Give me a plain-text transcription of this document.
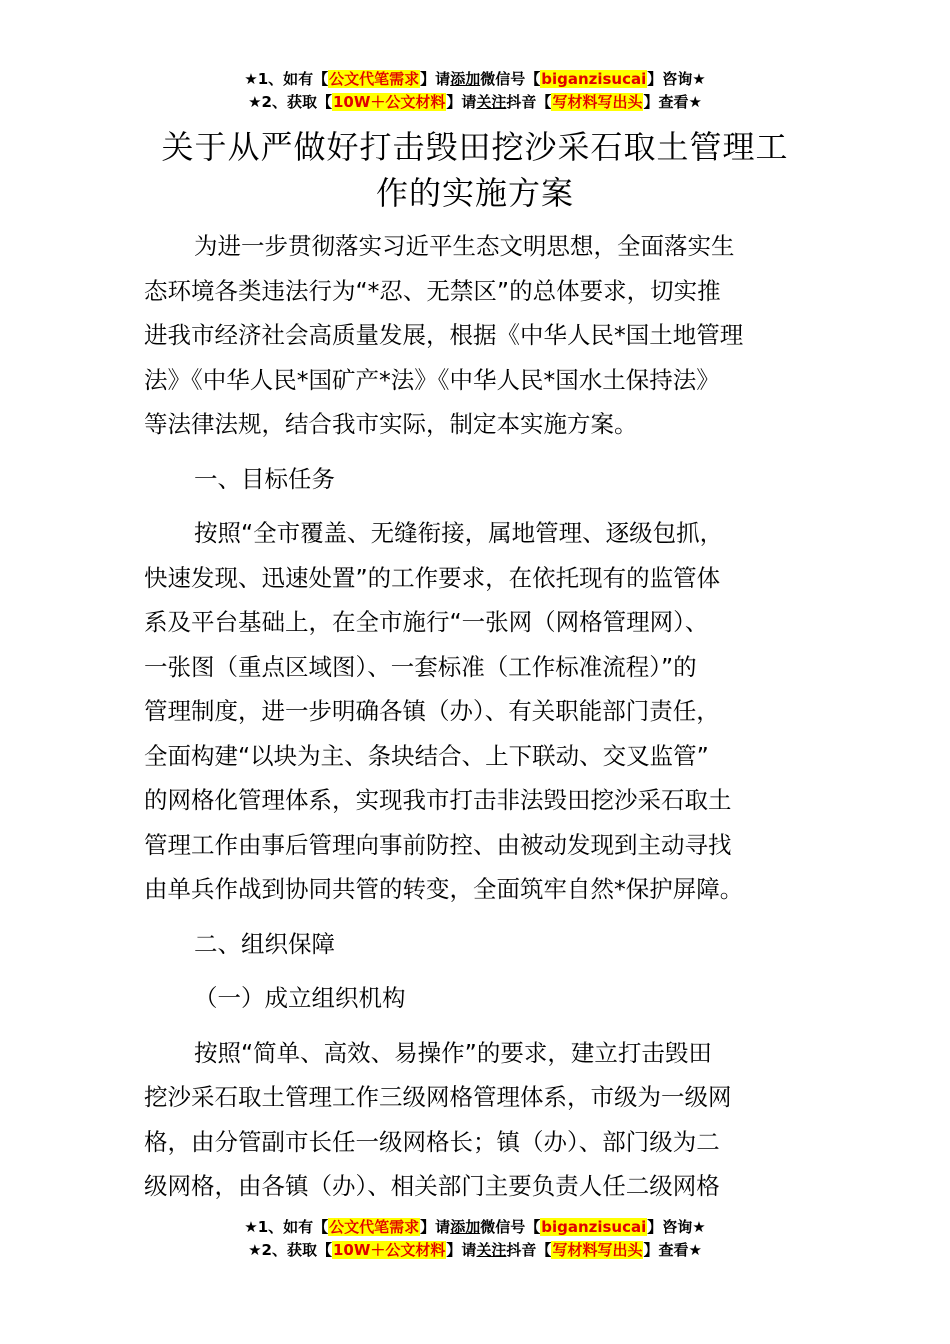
★1、如有【公文代笔需求】请添加微信号【biganzisucai】咨询★
★2、获取【10W＋公文材料】请关注抖音【写材料写出头】查看★
关于从严做好打击毁田挖沙采石取土管理工
作的实施方案
为进一步贯彻落实习近平生态文明思想，全面落实生
态环境各类违法行为“*忍、无禁区”的总体要求，切实推
进我市经济社会高质量发展，根据《中华人民*国土地管理
法》《中华人民*国矿产*法》《中华人民*国水土保持法》
等法律法规，结合我市实际，制定本实施方案。
一、目标任务
按照“全市覆盖、无缝衔接，属地管理、逐级包抓，
快速发现、迅速处置”的工作要求，在依托现有的监管体
系及平台基础上，在全市施行“一张网（网格管理网）、
一张图（重点区域图）、一套标准（工作标准流程）”的
管理制度，进一步明确各镇（办）、有关职能部门责任，
全面构建“以块为主、条块结合、上下联动、交叉监管”
的网格化管理体系，实现我市打击非法毁田挖沙采石取土
管理工作由事后管理向事前防控、由被动发现到主动寻找
由单兵作战到协同共管的转变，全面筑牢自然*保护屏障。
二、组织保障
（一）成立组织机构
按照“简单、高效、易操作”的要求，建立打击毁田
挖沙采石取土管理工作三级网格管理体系，市级为一级网
格，由分管副市长任一级网格长；镇（办）、部门级为二
级网格，由各镇（办）、相关部门主要负责人任二级网格
★1、如有【公文代笔需求】请添加微信号【biganzisucai】咨询★
★2、获取【10W＋公文材料】请关注抖音【写材料写出头】查看★
